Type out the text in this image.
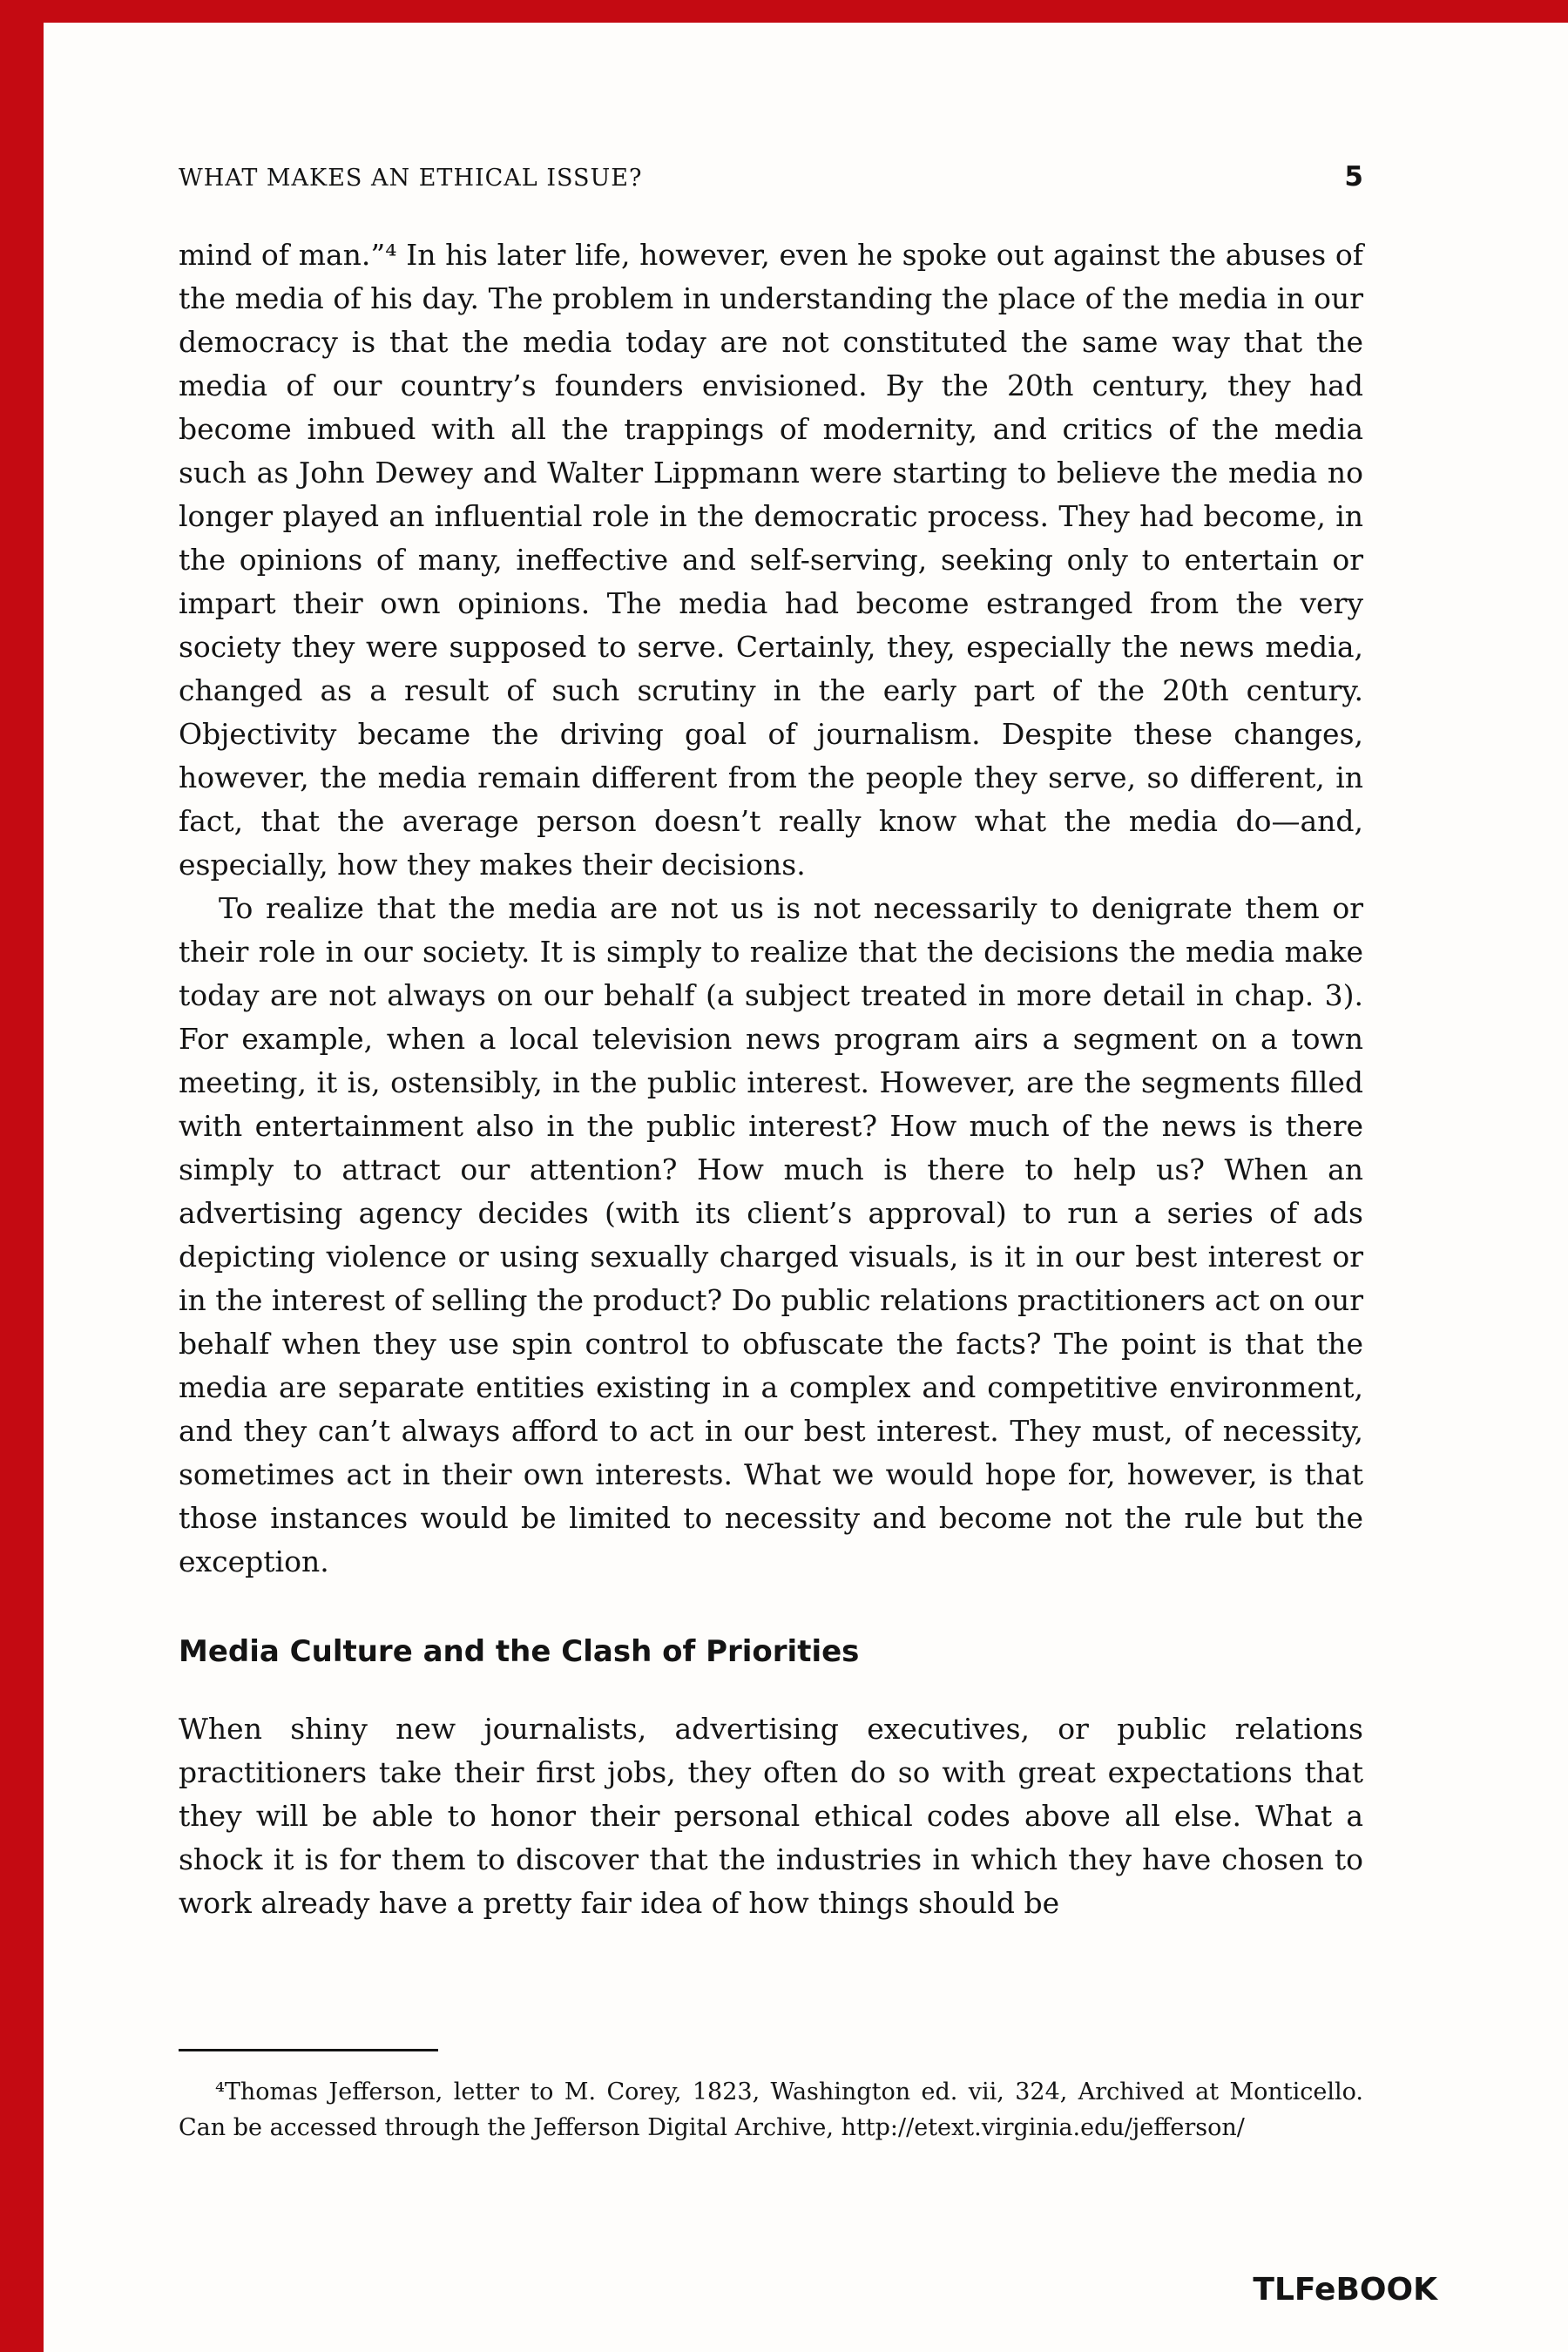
WHAT MAKES AN ETHICAL ISSUE?	5

mind of man.”⁴ In his later life, however, even he spoke out against the abuses of the media of his day. The problem in understanding the place of the media in our democracy is that the media today are not constituted the same way that the media of our country’s founders envisioned. By the 20th century, they had become imbued with all the trappings of modernity, and critics of the media such as John Dewey and Walter Lippmann were starting to believe the media no longer played an influential role in the democratic process. They had become, in the opinions of many, ineffective and self-serving, seeking only to entertain or impart their own opinions. The media had become estranged from the very society they were supposed to serve. Certainly, they, especially the news media, changed as a result of such scrutiny in the early part of the 20th century. Objectivity became the driving goal of journalism. Despite these changes, however, the media remain different from the people they serve, so different, in fact, that the average person doesn’t really know what the media do—and, especially, how they makes their decisions.

To realize that the media are not us is not necessarily to denigrate them or their role in our society. It is simply to realize that the decisions the media make today are not always on our behalf (a subject treated in more detail in chap. 3). For example, when a local television news program airs a segment on a town meeting, it is, ostensibly, in the public interest. However, are the segments filled with entertainment also in the public interest? How much of the news is there simply to attract our attention? How much is there to help us? When an advertising agency decides (with its client’s approval) to run a series of ads depicting violence or using sexually charged visuals, is it in our best interest or in the interest of selling the product? Do public relations practitioners act on our behalf when they use spin control to obfuscate the facts? The point is that the media are separate entities existing in a complex and competitive environment, and they can’t always afford to act in our best interest. They must, of necessity, sometimes act in their own interests. What we would hope for, however, is that those instances would be limited to necessity and become not the rule but the exception.

Media Culture and the Clash of Priorities

When shiny new journalists, advertising executives, or public relations practitioners take their first jobs, they often do so with great expectations that they will be able to honor their personal ethical codes above all else. What a shock it is for them to discover that the industries in which they have chosen to work already have a pretty fair idea of how things should be

⁴Thomas Jefferson, letter to M. Corey, 1823, Washington ed. vii, 324, Archived at Monticello. Can be accessed through the Jefferson Digital Archive, http://etext.virginia.edu/jefferson/

TLFeBOOK
